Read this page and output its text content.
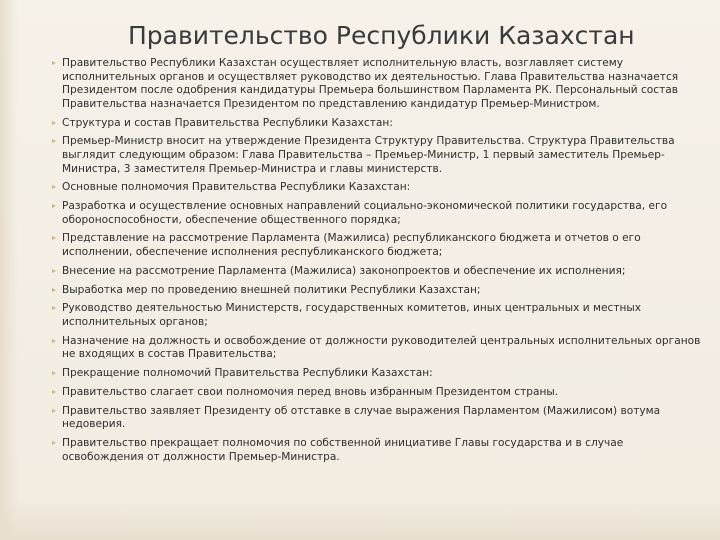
Правительство Республики Казахстан

Правительство Республики Казахстан осуществляет исполнительную власть, возглавляет систему исполнительных органов и осуществляет руководство их деятельностью. Глава Правительства назначается Президентом после одобрения кандидатуры Премьера большинством Парламента РК. Персональный состав Правительства назначается Президентом по представлению кандидатур Премьер-Министром.

Структура и состав Правительства Республики Казахстан:

Премьер-Министр вносит на утверждение Президента Структуру Правительства. Структура Правительства выглядит следующим образом: Глава Правительства – Премьер-Министр, 1 первый заместитель Премьер-Министра, 3 заместителя Премьер-Министра и главы министерств.

Основные полномочия Правительства Республики Казахстан:

Разработка и осуществление основных направлений социально-экономической политики государства, его обороноспособности, обеспечение общественного порядка;

Представление на рассмотрение Парламента (Мажилиса) республиканского бюджета и отчетов о его исполнении, обеспечение исполнения республиканского бюджета;

Внесение на рассмотрение Парламента (Мажилиса) законопроектов и обеспечение их исполнения;

Выработка мер по проведению внешней политики Республики Казахстан;

Руководство деятельностью Министерств, государственных комитетов, иных центральных и местных исполнительных органов;

Назначение на должность и освобождение от должности руководителей центральных исполнительных органов не входящих в состав Правительства;

Прекращение полномочий Правительства Республики Казахстан:

Правительство слагает свои полномочия перед вновь избранным Президентом страны.

Правительство заявляет Президенту об отставке в случае выражения Парламентом (Мажилисом) вотума недоверия.

Правительство прекращает полномочия по собственной инициативе Главы государства и в случае освобождения от должности Премьер-Министра.
